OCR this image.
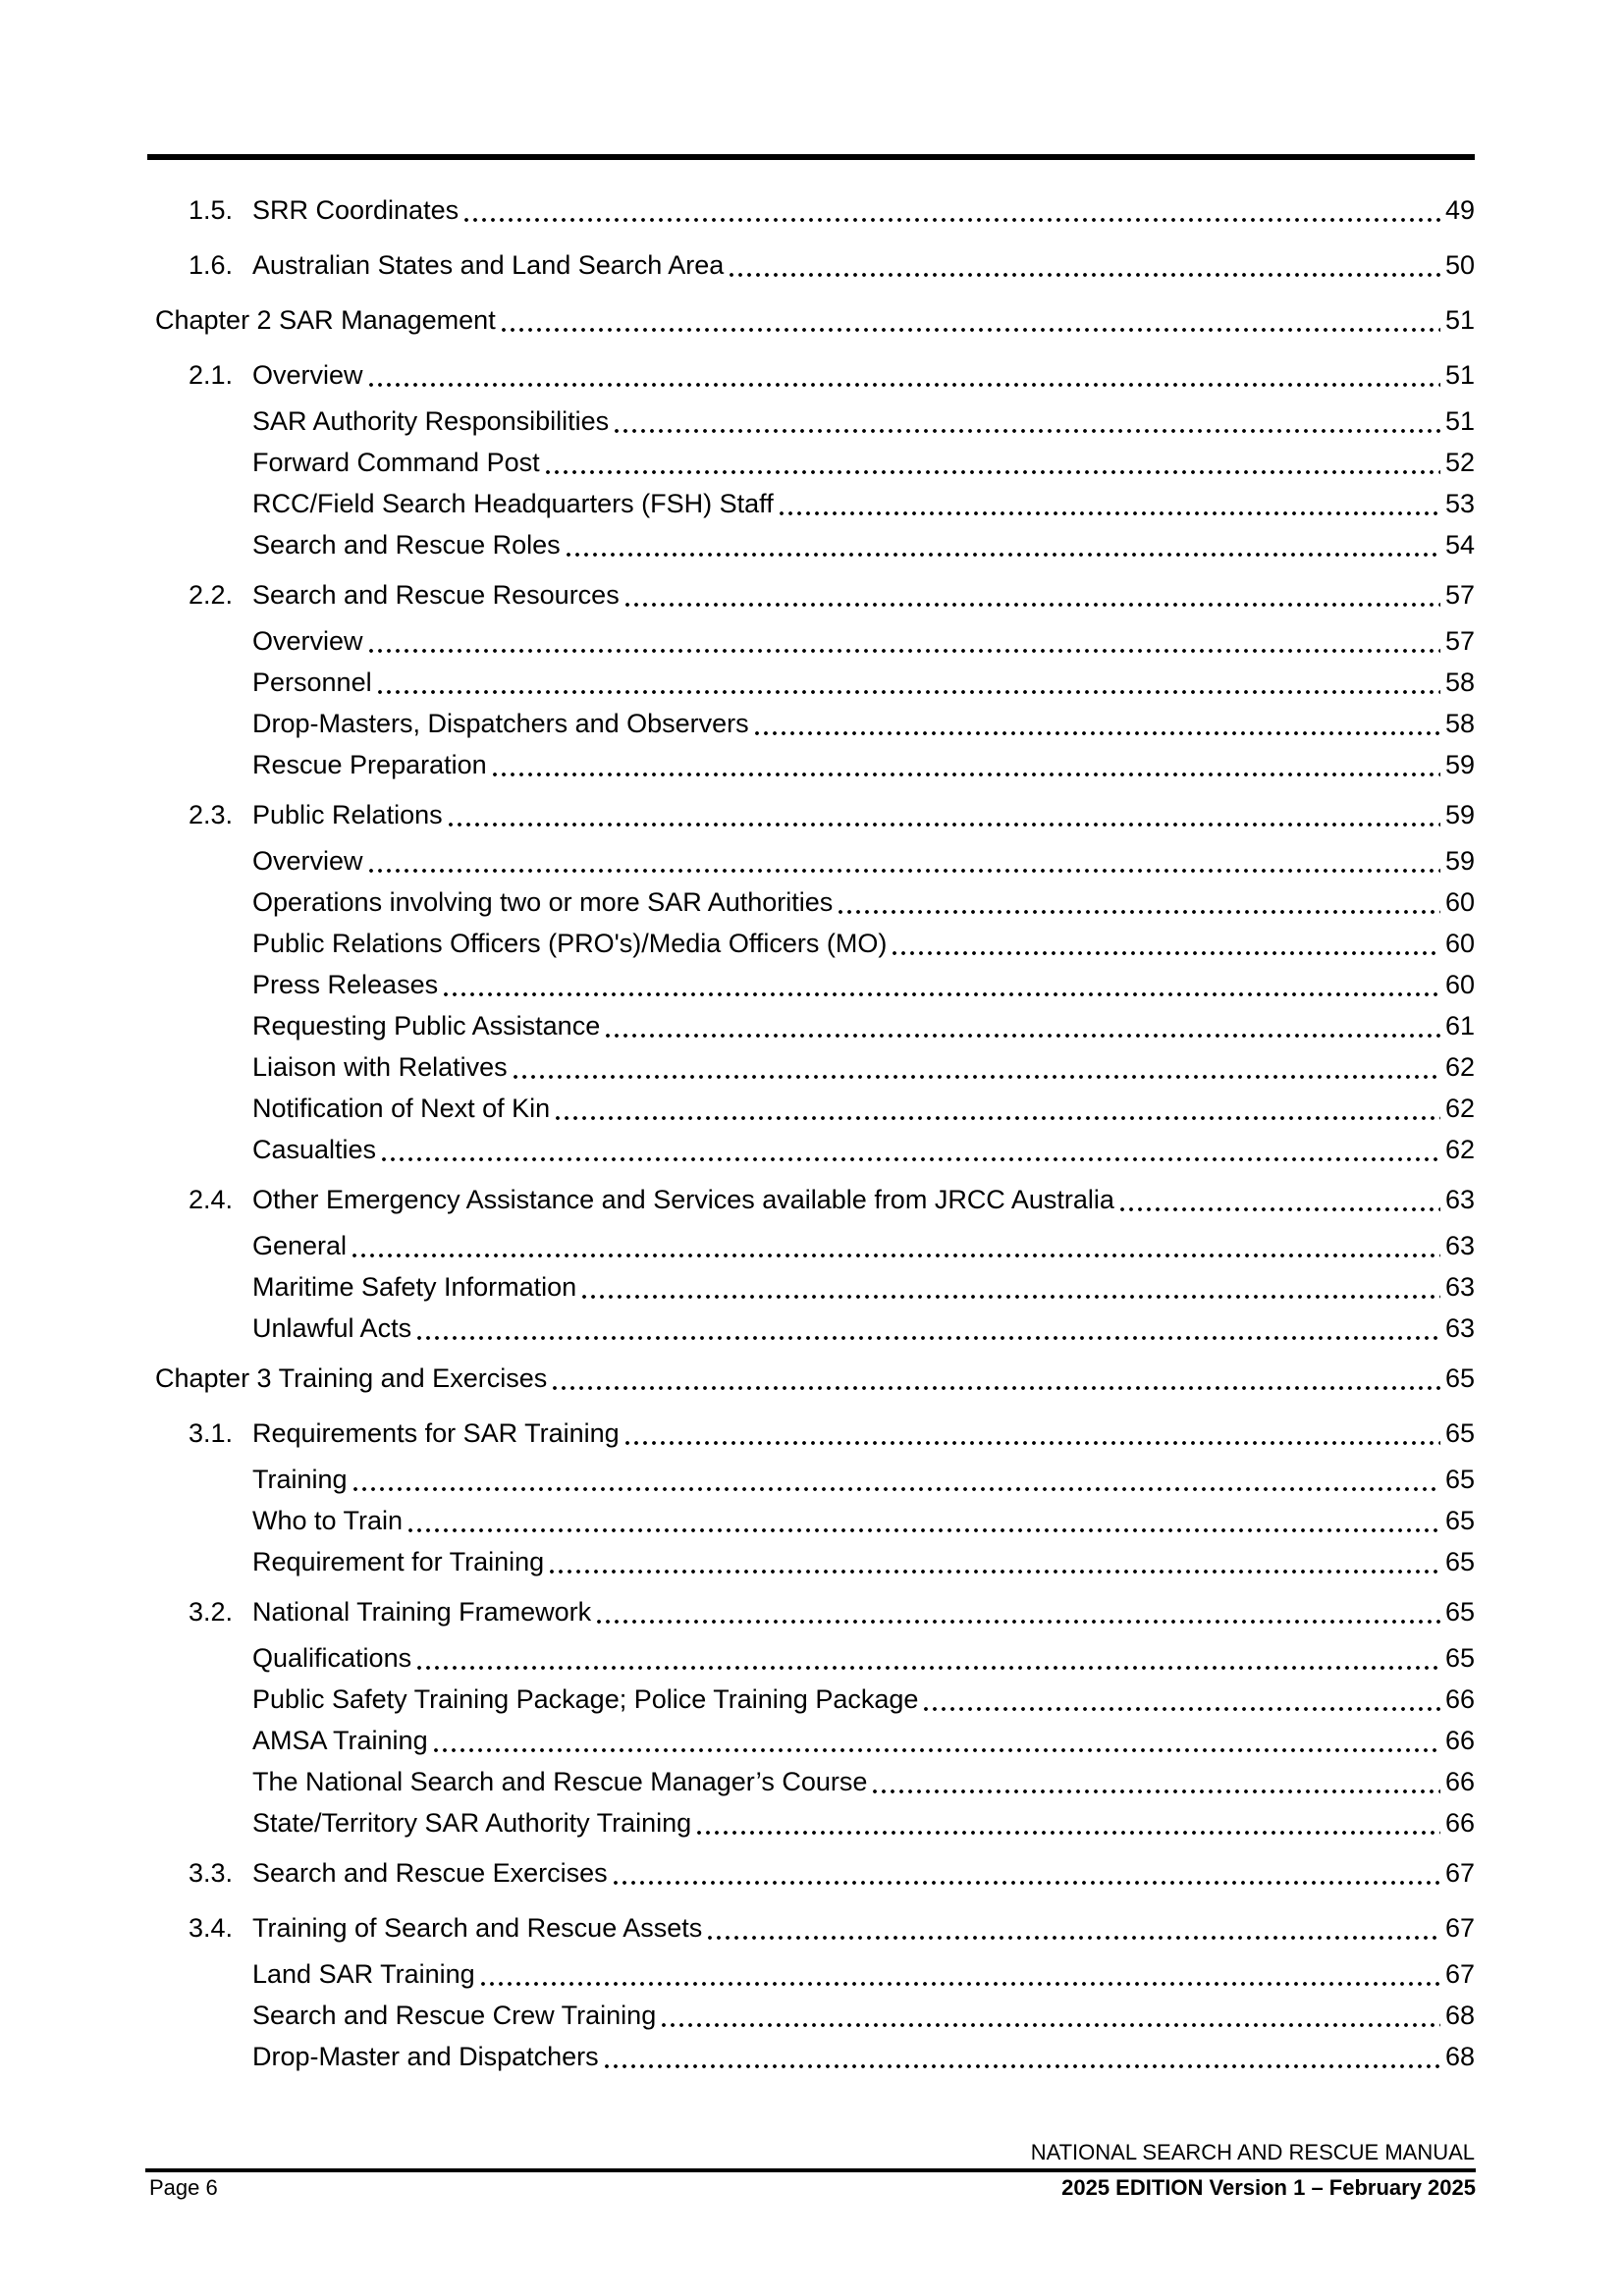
1.5. SRR Coordinates	49
1.6. Australian States and Land Search Area	50
Chapter 2 SAR Management	51
2.1. Overview	51
SAR Authority Responsibilities	51
Forward Command Post	52
RCC/Field Search Headquarters (FSH) Staff	53
Search and Rescue Roles	54
2.2. Search and Rescue Resources	57
Overview	57
Personnel	58
Drop-Masters, Dispatchers and Observers	58
Rescue Preparation	59
2.3. Public Relations	59
Overview	59
Operations involving two or more SAR Authorities	60
Public Relations Officers (PRO's)/Media Officers (MO)	60
Press Releases	60
Requesting Public Assistance	61
Liaison with Relatives	62
Notification of Next of Kin	62
Casualties	62
2.4. Other Emergency Assistance and Services available from JRCC Australia	63
General	63
Maritime Safety Information	63
Unlawful Acts	63
Chapter 3 Training and Exercises	65
3.1. Requirements for SAR Training	65
Training	65
Who to Train	65
Requirement for Training	65
3.2. National Training Framework	65
Qualifications	65
Public Safety Training Package; Police Training Package	66
AMSA Training	66
The National Search and Rescue Manager’s Course	66
State/Territory SAR Authority Training	66
3.3. Search and Rescue Exercises	67
3.4. Training of Search and Rescue Assets	67
Land SAR Training	67
Search and Rescue Crew Training	68
Drop-Master and Dispatchers	68
NATIONAL SEARCH AND RESCUE MANUAL
Page 6	2025 EDITION Version 1 – February 2025
